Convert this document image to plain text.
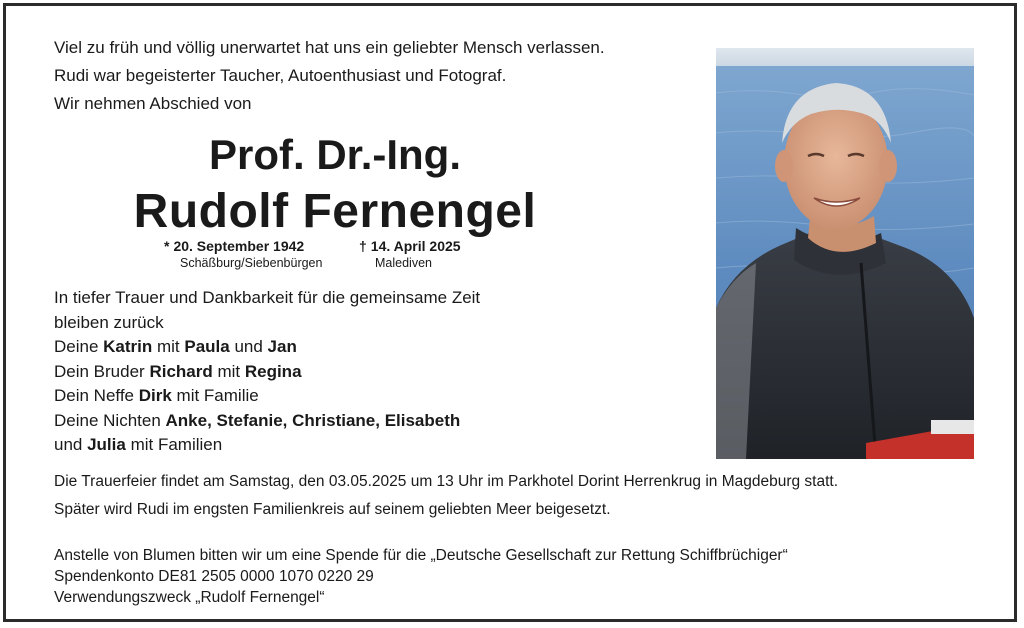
Viel zu früh und völlig unerwartet hat uns ein geliebter Mensch verlassen.
Rudi war begeisterter Taucher, Autoenthusiast und Fotograf.
Wir nehmen Abschied von
Prof. Dr.-Ing.
Rudolf Fernengel
* 20. September 1942
Schäßburg/Siebenbürgen
† 14. April 2025
Malediven
In tiefer Trauer und Dankbarkeit für die gemeinsame Zeit
bleiben zurück
Deine Katrin mit Paula und Jan
Dein Bruder Richard mit Regina
Dein Neffe Dirk mit Familie
Deine Nichten Anke, Stefanie, Christiane, Elisabeth
und Julia mit Familien
Die Trauerfeier findet am Samstag, den 03.05.2025 um 13 Uhr im Parkhotel Dorint Herrenkrug in Magdeburg statt.
Später wird Rudi im engsten Familienkreis auf seinem geliebten Meer beigesetzt.
Anstelle von Blumen bitten wir um eine Spende für die „Deutsche Gesellschaft zur Rettung Schiffbrüchiger“
Spendenkonto DE81 2505 0000 1070 0220 29
Verwendungszweck „Rudolf Fernengel“
